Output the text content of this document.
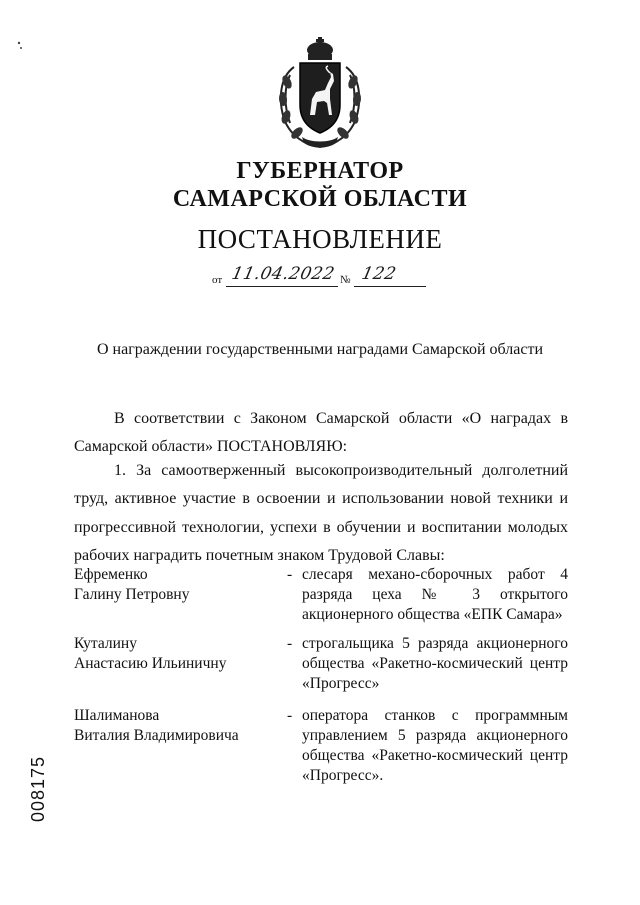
ГУБЕРНАТОР
САМАРСКОЙ ОБЛАСТИ
ПОСТАНОВЛЕНИЕ
от 11.04.2022 № 122
О награждении государственными наградами Самарской области
В соответствии с Законом Самарской области «О наградах в Самарской области» ПОСТАНОВЛЯЮ:
1. За самоотверженный высокопроизводительный долголетний труд, активное участие в освоении и использовании новой техники и прогрессивной технологии, успехи в обучении и воспитании молодых рабочих наградить почетным знаком Трудовой Славы:
Ефременко
Галину Петровну
- слесаря механо-сборочных работ 4 разряда цеха № 3 открытого акционерного общества «ЕПК Самара»
Куталину
Анастасию Ильиничну
- строгальщика 5 разряда акционерного общества «Ракетно-космический центр «Прогресс»
Шалиманова
Виталия Владимировича
- оператора станков с программным управлением 5 разряда акционерного общества «Ракетно-космический центр «Прогресс».
008175
